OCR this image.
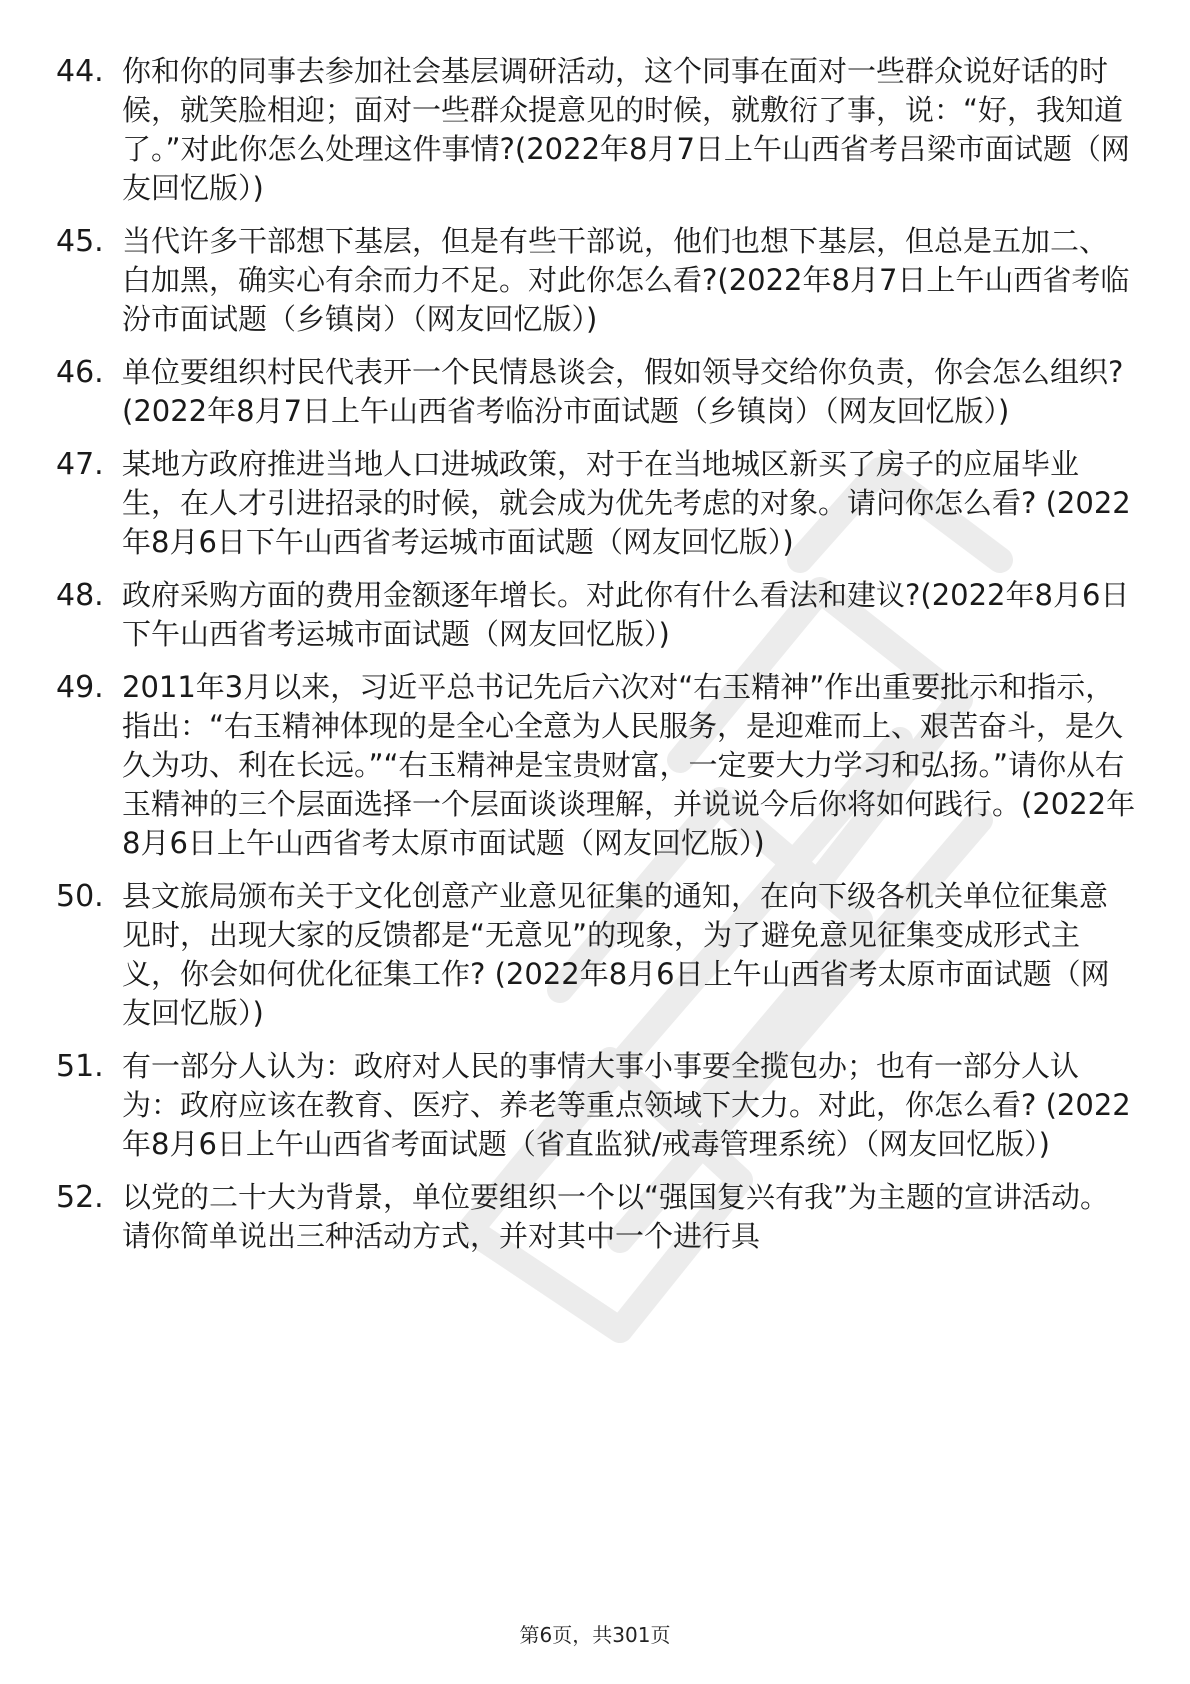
44. 你和你的同事去参加社会基层调研活动，这个同事在面对一些群众说好话的时候，就笑脸相迎；面对一些群众提意见的时候，就敷衍了事，说：“好，我知道了。”对此你怎么处理这件事情?(2022年8月7日上午山西省考吕梁市面试题（网友回忆版）)
45. 当代许多干部想下基层，但是有些干部说，他们也想下基层，但总是五加二、白加黑，确实心有余而力不足。对此你怎么看?(2022年8月7日上午山西省考临汾市面试题（乡镇岗）（网友回忆版）)
46. 单位要组织村民代表开一个民情恳谈会，假如领导交给你负责，你会怎么组织? (2022年8月7日上午山西省考临汾市面试题（乡镇岗）（网友回忆版）)
47. 某地方政府推进当地人口进城政策，对于在当地城区新买了房子的应届毕业生，在人才引进招录的时候，就会成为优先考虑的对象。请问你怎么看? (2022年8月6日下午山西省考运城市面试题（网友回忆版）)
48. 政府采购方面的费用金额逐年增长。对此你有什么看法和建议?(2022年8月6日下午山西省考运城市面试题（网友回忆版）)
49. 2011年3月以来，习近平总书记先后六次对“右玉精神”作出重要批示和指示，指出：“右玉精神体现的是全心全意为人民服务，是迎难而上、艰苦奋斗，是久久为功、利在长远。”“右玉精神是宝贵财富，一定要大力学习和弘扬。”请你从右玉精神的三个层面选择一个层面谈谈理解，并说说今后你将如何践行。(2022年8月6日上午山西省考太原市面试题（网友回忆版）)
50. 县文旅局颁布关于文化创意产业意见征集的通知，在向下级各机关单位征集意见时，出现大家的反馈都是“无意见”的现象，为了避免意见征集变成形式主义，你会如何优化征集工作? (2022年8月6日上午山西省考太原市面试题（网友回忆版）)
51. 有一部分人认为：政府对人民的事情大事小事要全揽包办；也有一部分人认为：政府应该在教育、医疗、养老等重点领域下大力。对此，你怎么看? (2022年8月6日上午山西省考面试题（省直监狱/戒毒管理系统）（网友回忆版）)
52. 以党的二十大为背景，单位要组织一个以“强国复兴有我”为主题的宣讲活动。请你简单说出三种活动方式，并对其中一个进行具
第6页，共301页
